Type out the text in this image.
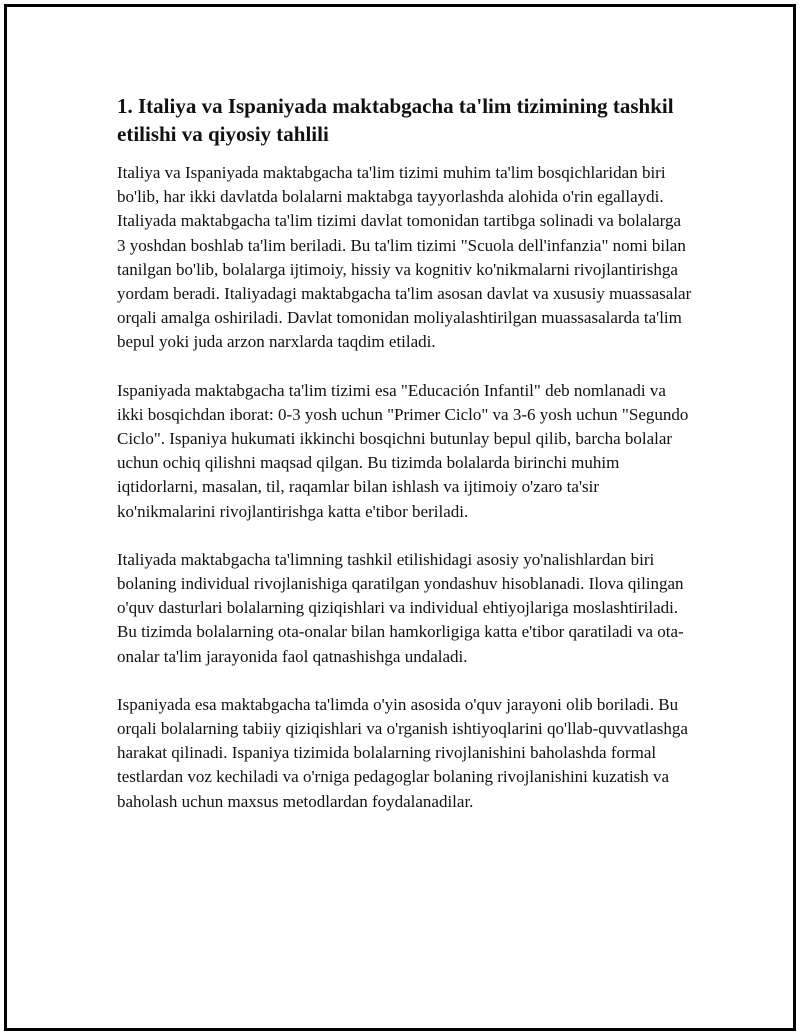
1. Italiya va Ispaniyada maktabgacha ta'lim tizimining tashkil etilishi va qiyosiy tahlili

Italiya va Ispaniyada maktabgacha ta'lim tizimi muhim ta'lim bosqichlaridan biri bo'lib, har ikki davlatda bolalarni maktabga tayyorlashda alohida o'rin egallaydi. Italiyada maktabgacha ta'lim tizimi davlat tomonidan tartibga solinadi va bolalarga 3 yoshdan boshlab ta'lim beriladi. Bu ta'lim tizimi "Scuola dell'infanzia" nomi bilan tanilgan bo'lib, bolalarga ijtimoiy, hissiy va kognitiv ko'nikmalarni rivojlantirishga yordam beradi. Italiyadagi maktabgacha ta'lim asosan davlat va xususiy muassasalar orqali amalga oshiriladi. Davlat tomonidan moliyalashtirilgan muassasalarda ta'lim bepul yoki juda arzon narxlarda taqdim etiladi.

Ispaniyada maktabgacha ta'lim tizimi esa "Educación Infantil" deb nomlanadi va ikki bosqichdan iborat: 0-3 yosh uchun "Primer Ciclo" va 3-6 yosh uchun "Segundo Ciclo". Ispaniya hukumati ikkinchi bosqichni butunlay bepul qilib, barcha bolalar uchun ochiq qilishni maqsad qilgan. Bu tizimda bolalarda birinchi muhim iqtidorlarni, masalan, til, raqamlar bilan ishlash va ijtimoiy o'zaro ta'sir ko'nikmalarini rivojlantirishga katta e'tibor beriladi.

Italiyada maktabgacha ta'limning tashkil etilishidagi asosiy yo'nalishlardan biri bolaning individual rivojlanishiga qaratilgan yondashuv hisoblanadi. Ilova qilingan o'quv dasturlari bolalarning qiziqishlari va individual ehtiyojlariga moslashtiriladi. Bu tizimda bolalarning ota-onalar bilan hamkorligiga katta e'tibor qaratiladi va ota-onalar ta'lim jarayonida faol qatnashishga undaladi.

Ispaniyada esa maktabgacha ta'limda o'yin asosida o'quv jarayoni olib boriladi. Bu orqali bolalarning tabiiy qiziqishlari va o'rganish ishtiyoqlarini qo'llab-quvvatlashga harakat qilinadi. Ispaniya tizimida bolalarning rivojlanishini baholashda formal testlardan voz kechiladi va o'rniga pedagoglar bolaning rivojlanishini kuzatish va baholash uchun maxsus metodlardan foydalanadilar.
